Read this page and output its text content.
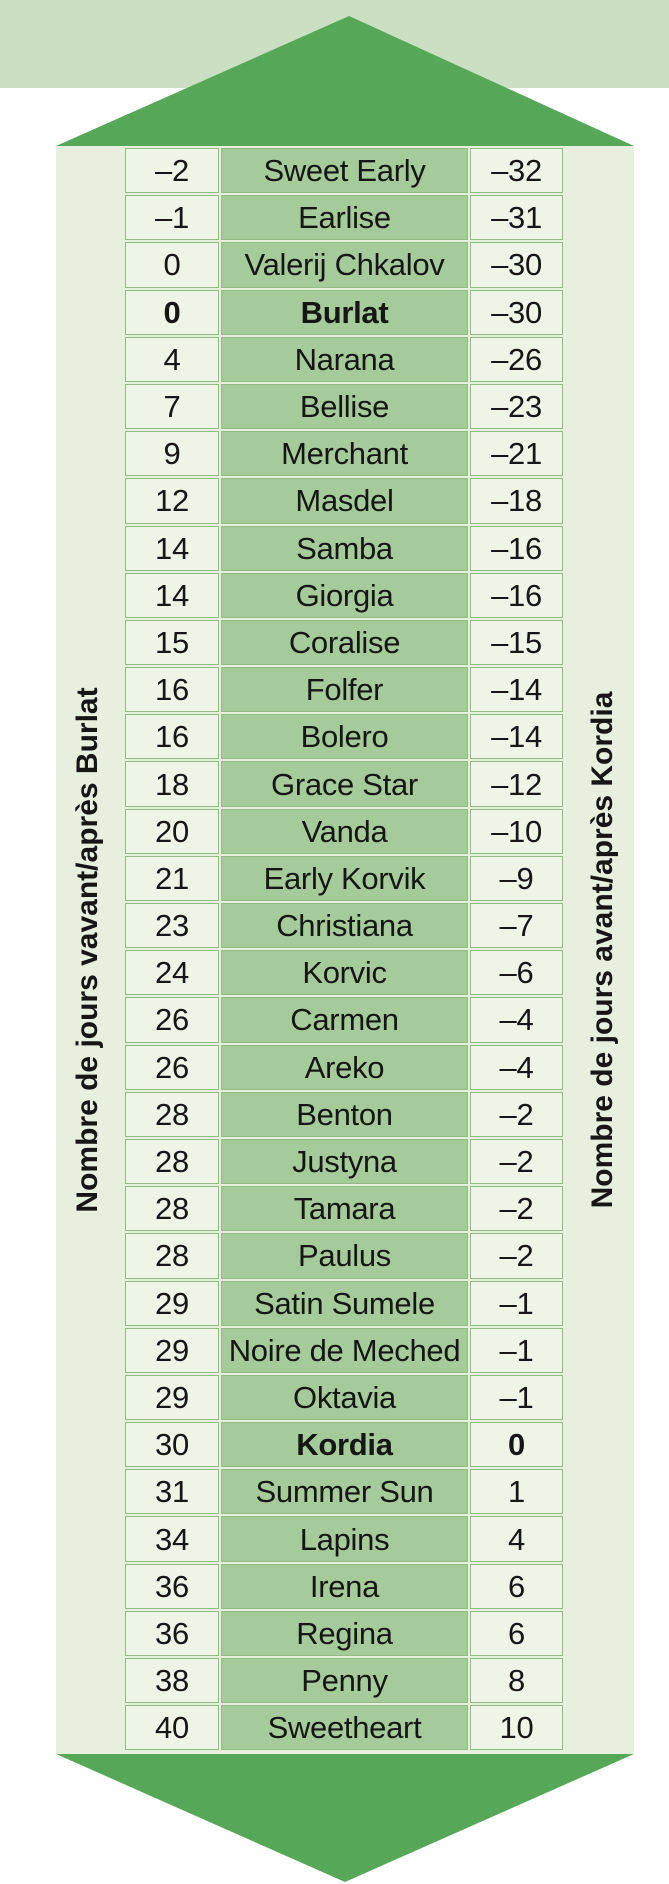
Nombre de jours vavant/après Burlat	Nombre de jours avant/après Kordia
–2	Sweet Early	–32
–1	Earlise	–31
0	Valerij Chkalov	–30
0	Burlat	–30
4	Narana	–26
7	Bellise	–23
9	Merchant	–21
12	Masdel	–18
14	Samba	–16
14	Giorgia	–16
15	Coralise	–15
16	Folfer	–14
16	Bolero	–14
18	Grace Star	–12
20	Vanda	–10
21	Early Korvik	–9
23	Christiana	–7
24	Korvic	–6
26	Carmen	–4
26	Areko	–4
28	Benton	–2
28	Justyna	–2
28	Tamara	–2
28	Paulus	–2
29	Satin Sumele	–1
29	Noire de Meched	–1
29	Oktavia	–1
30	Kordia	0
31	Summer Sun	1
34	Lapins	4
36	Irena	6
36	Regina	6
38	Penny	8
40	Sweetheart	10
